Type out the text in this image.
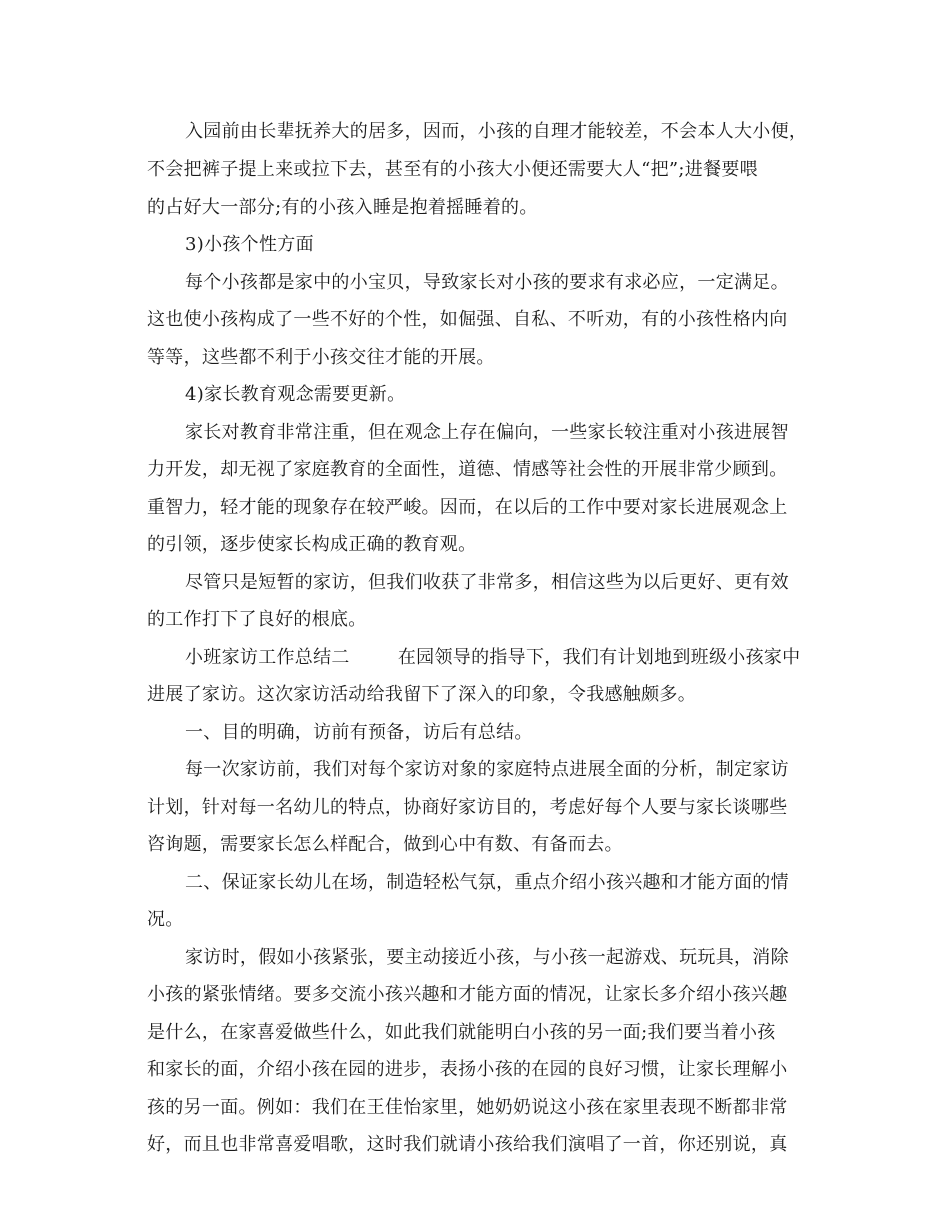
入园前由长辈抚养大的居多，因而，小孩的自理才能较差，不会本人大小便，
不会把裤子提上来或拉下去，甚至有的小孩大小便还需要大人“把”;进餐要喂
的占好大一部分;有的小孩入睡是抱着摇睡着的。
3)小孩个性方面
每个小孩都是家中的小宝贝，导致家长对小孩的要求有求必应，一定满足。
这也使小孩构成了一些不好的个性，如倔强、自私、不听劝，有的小孩性格内向
等等，这些都不利于小孩交往才能的开展。
4)家长教育观念需要更新。
家长对教育非常注重，但在观念上存在偏向，一些家长较注重对小孩进展智
力开发，却无视了家庭教育的全面性，道德、情感等社会性的开展非常少顾到。
重智力，轻才能的现象存在较严峻。因而，在以后的工作中要对家长进展观念上
的引领，逐步使家长构成正确的教育观。
尽管只是短暂的家访，但我们收获了非常多，相信这些为以后更好、更有效
的工作打下了良好的根底。
小班家访工作总结二        在园领导的指导下，我们有计划地到班级小孩家中
进展了家访。这次家访活动给我留下了深入的印象，令我感触颇多。
一、目的明确，访前有预备，访后有总结。
每一次家访前，我们对每个家访对象的家庭特点进展全面的分析，制定家访
计划，针对每一名幼儿的特点，协商好家访目的，考虑好每个人要与家长谈哪些
咨询题，需要家长怎么样配合，做到心中有数、有备而去。
二、保证家长幼儿在场，制造轻松气氛，重点介绍小孩兴趣和才能方面的情
况。
家访时，假如小孩紧张，要主动接近小孩，与小孩一起游戏、玩玩具，消除
小孩的紧张情绪。要多交流小孩兴趣和才能方面的情况，让家长多介绍小孩兴趣
是什么，在家喜爱做些什么，如此我们就能明白小孩的另一面;我们要当着小孩
和家长的面，介绍小孩在园的进步，表扬小孩的在园的良好习惯，让家长理解小
孩的另一面。例如：我们在王佳怡家里，她奶奶说这小孩在家里表现不断都非常
好，而且也非常喜爱唱歌，这时我们就请小孩给我们演唱了一首，你还别说，真
